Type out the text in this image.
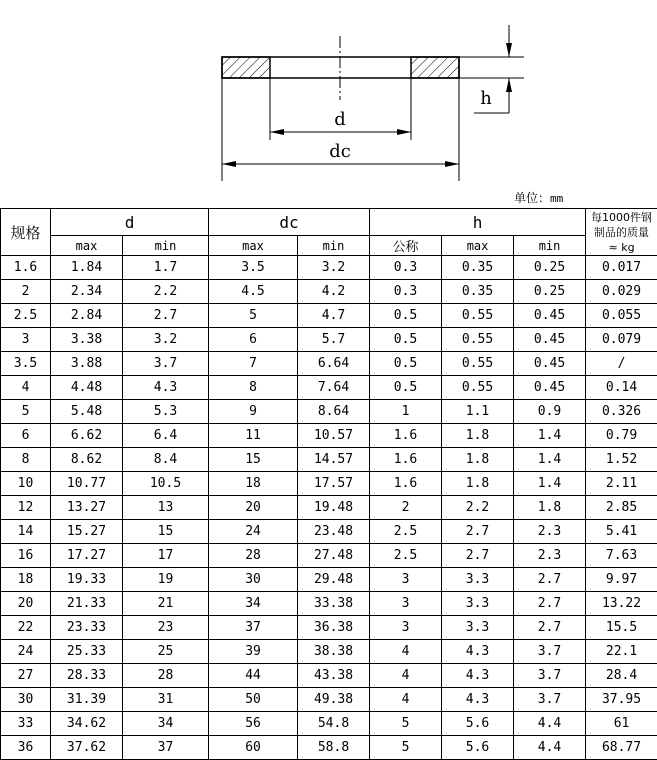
d
dc
h
单位：mm
规格	d		dc		h			每1000件钢
制品的质量
≈ kg
	max	min	max	min	公称	max	min	
1.6	1.84	1.7	3.5	3.2	0.3	0.35	0.25	0.017
2	2.34	2.2	4.5	4.2	0.3	0.35	0.25	0.029
2.5	2.84	2.7	5	4.7	0.5	0.55	0.45	0.055
3	3.38	3.2	6	5.7	0.5	0.55	0.45	0.079
3.5	3.88	3.7	7	6.64	0.5	0.55	0.45	/
4	4.48	4.3	8	7.64	0.5	0.55	0.45	0.14
5	5.48	5.3	9	8.64	1	1.1	0.9	0.326
6	6.62	6.4	11	10.57	1.6	1.8	1.4	0.79
8	8.62	8.4	15	14.57	1.6	1.8	1.4	1.52
10	10.77	10.5	18	17.57	1.6	1.8	1.4	2.11
12	13.27	13	20	19.48	2	2.2	1.8	2.85
14	15.27	15	24	23.48	2.5	2.7	2.3	5.41
16	17.27	17	28	27.48	2.5	2.7	2.3	7.63
18	19.33	19	30	29.48	3	3.3	2.7	9.97
20	21.33	21	34	33.38	3	3.3	2.7	13.22
22	23.33	23	37	36.38	3	3.3	2.7	15.5
24	25.33	25	39	38.38	4	4.3	3.7	22.1
27	28.33	28	44	43.38	4	4.3	3.7	28.4
30	31.39	31	50	49.38	4	4.3	3.7	37.95
33	34.62	34	56	54.8	5	5.6	4.4	61
36	37.62	37	60	58.8	5	5.6	4.4	68.77
